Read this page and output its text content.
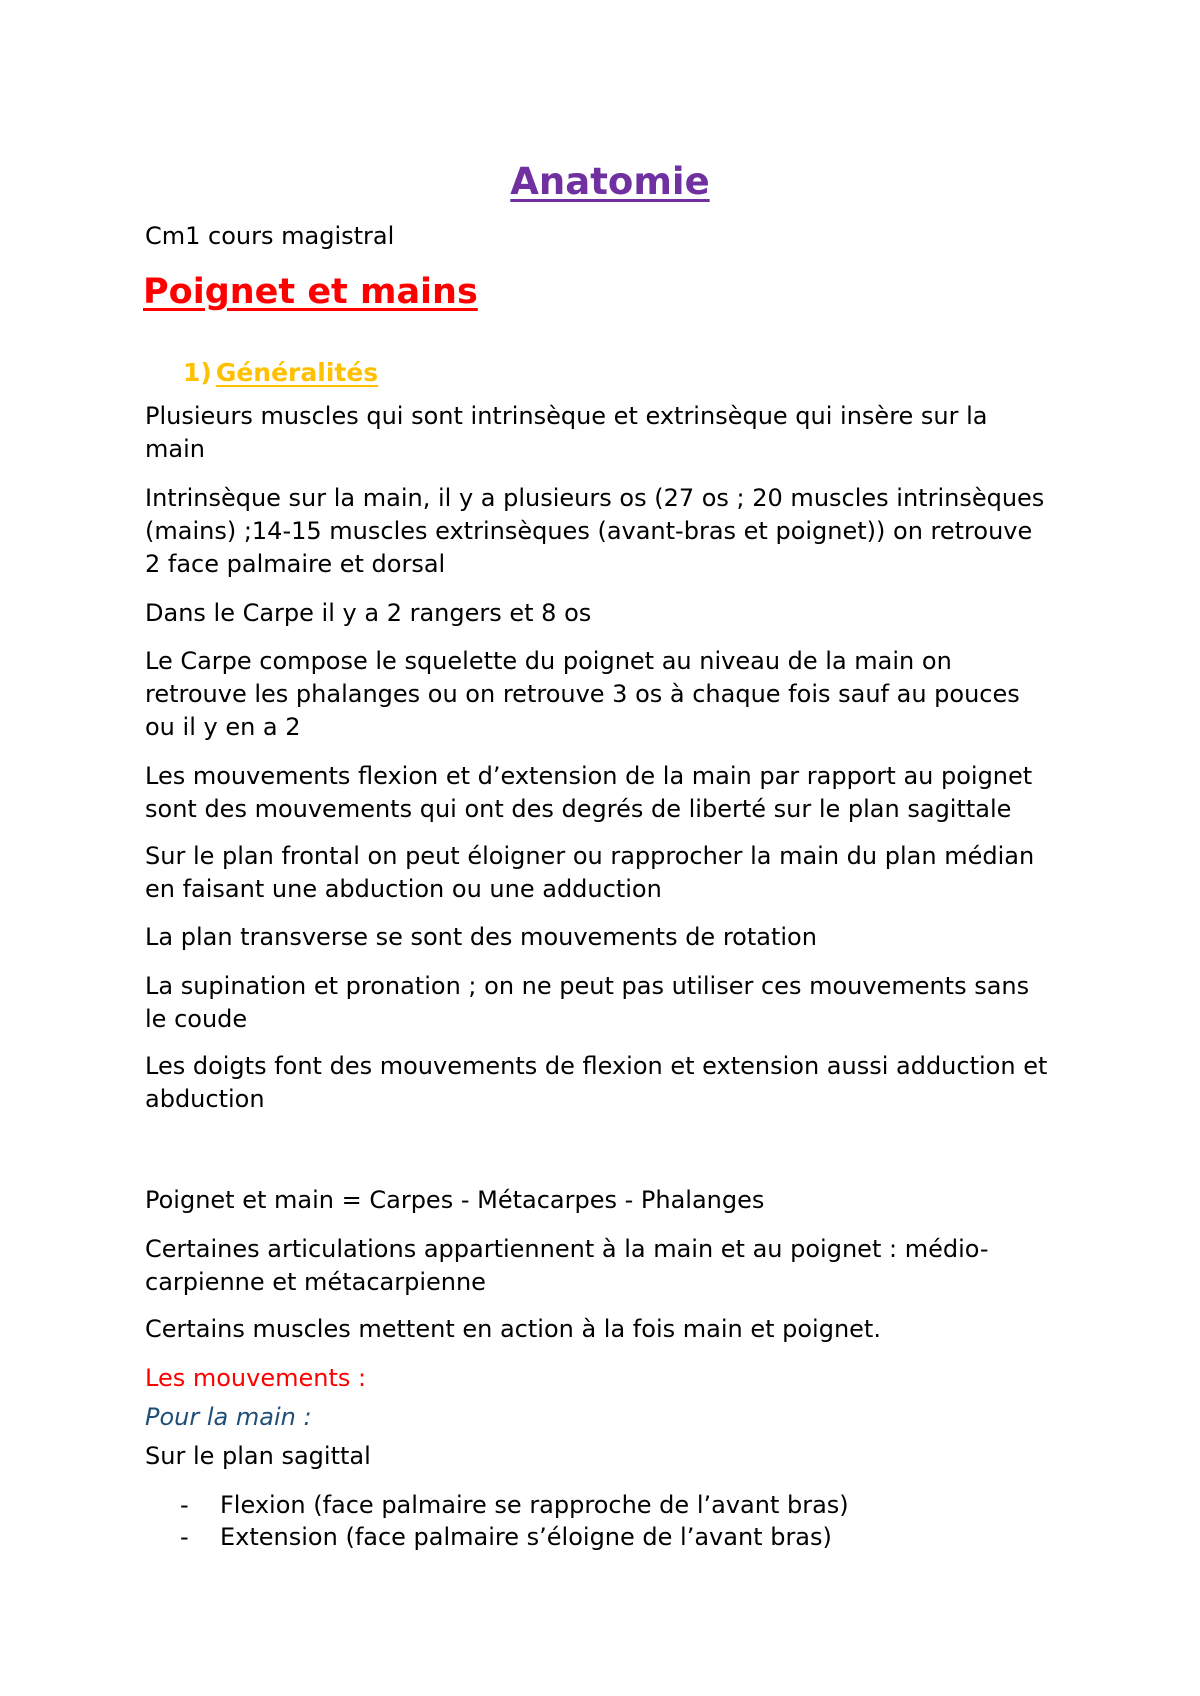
Anatomie

Cm1 cours magistral

Poignet et mains
1) Généralités

Plusieurs muscles qui sont intrinsèque et extrinsèque qui insère sur la
main

Intrinsèque sur la main, il y a plusieurs os (27 os ; 20 muscles intrinsèques
(mains) ;14-15 muscles extrinsèques (avant-bras et poignet)) on retrouve
2 face palmaire et dorsal

Dans le Carpe il y a 2 rangers et 8 os

Le Carpe compose le squelette du poignet au niveau de la main on
retrouve les phalanges ou on retrouve 3 os à chaque fois sauf au pouces
ou il y en a 2

Les mouvements flexion et d’extension de la main par rapport au poignet
sont des mouvements qui ont des degrés de liberté sur le plan sagittale

Sur le plan frontal on peut éloigner ou rapprocher la main du plan médian
en faisant une abduction ou une adduction

La plan transverse se sont des mouvements de rotation

La supination et pronation ; on ne peut pas utiliser ces mouvements sans
le coude

Les doigts font des mouvements de flexion et extension aussi adduction et
abduction

Poignet et main = Carpes - Métacarpes - Phalanges

Certaines articulations appartiennent à la main et au poignet : médio-
carpienne et métacarpienne

Certains muscles mettent en action à la fois main et poignet.

Les mouvements :

Pour la main :

Sur le plan sagittal

- Flexion (face palmaire se rapproche de l’avant bras)
- Extension (face palmaire s’éloigne de l’avant bras)
